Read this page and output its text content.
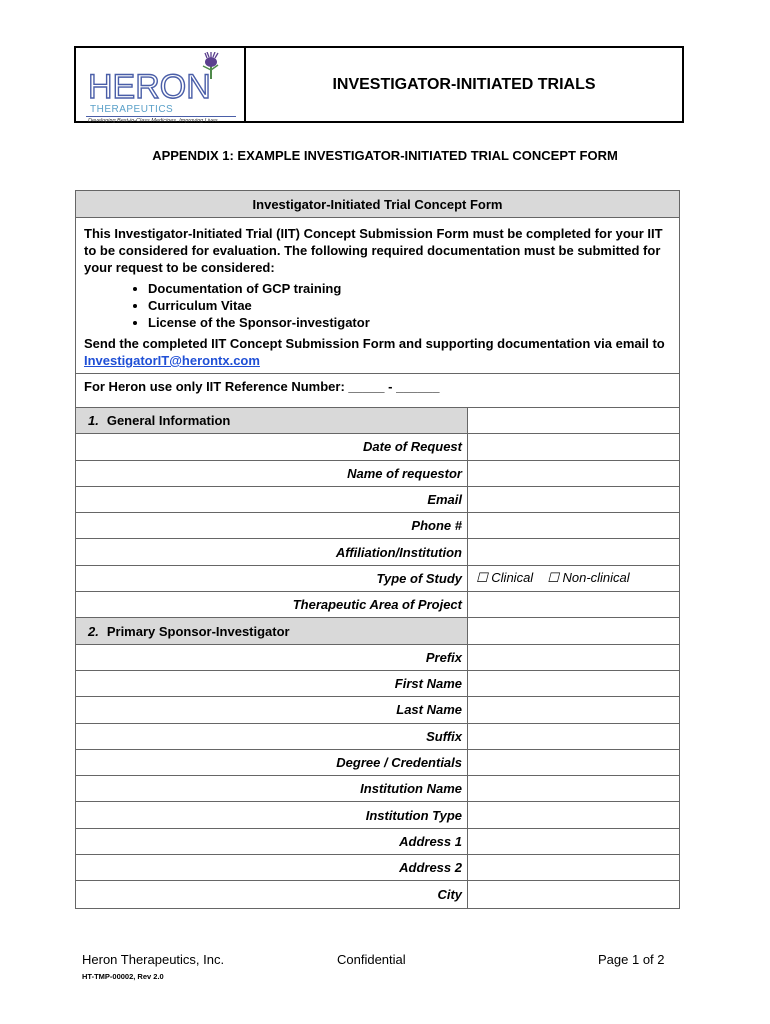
HERON
THERAPEUTICS
Developing Best-in-Class Medicines. Improving Lives.
INVESTIGATOR-INITIATED TRIALS
APPENDIX 1: EXAMPLE INVESTIGATOR-INITIATED TRIAL CONCEPT FORM
Investigator-Initiated Trial Concept Form
This Investigator-Initiated Trial (IIT) Concept Submission Form must be completed for your IIT to be considered for evaluation. The following required documentation must be submitted for your request to be considered:
• Documentation of GCP training
• Curriculum Vitae
• License of the Sponsor-investigator
Send the completed IIT Concept Submission Form and supporting documentation via email to InvestigatorIT@herontx.com
For Heron use only IIT Reference Number: _____ - ______
1. General Information
Date of Request
Name of requestor
Email
Phone #
Affiliation/Institution
Type of Study	☐ Clinical ☐ Non-clinical
Therapeutic Area of Project
2. Primary Sponsor-Investigator
Prefix
First Name
Last Name
Suffix
Degree / Credentials
Institution Name
Institution Type
Address 1
Address 2
City
Heron Therapeutics, Inc.	Confidential	Page 1 of 2
HT-TMP-00002, Rev 2.0
